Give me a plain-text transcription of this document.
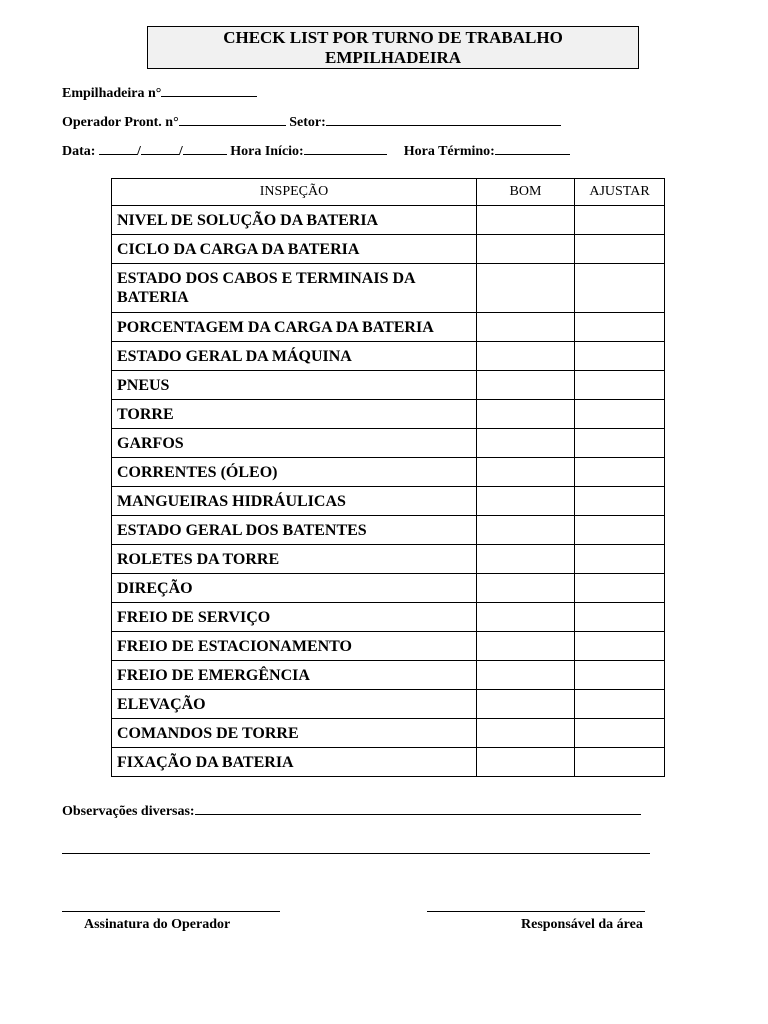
CHECK LIST POR TURNO DE TRABALHO
EMPILHADEIRA
Empilhadeira n°
Operador Pront. n°	Setor:
Data:	/	/	Hora Início:	Hora Término:
INSPEÇÃO	BOM	AJUSTAR
NIVEL DE SOLUÇÃO DA BATERIA		
CICLO DA CARGA DA BATERIA		
ESTADO DOS CABOS E TERMINAIS DA BATERIA		
PORCENTAGEM DA CARGA DA BATERIA		
ESTADO GERAL DA MÁQUINA		
PNEUS		
TORRE		
GARFOS		
CORRENTES (ÓLEO)		
MANGUEIRAS HIDRÁULICAS		
ESTADO GERAL DOS BATENTES		
ROLETES DA TORRE		
DIREÇÃO		
FREIO DE SERVIÇO		
FREIO DE ESTACIONAMENTO		
FREIO DE EMERGÊNCIA		
ELEVAÇÃO		
COMANDOS DE TORRE		
FIXAÇÃO DA BATERIA		
Observações diversas:
Assinatura do Operador	Responsável da área
